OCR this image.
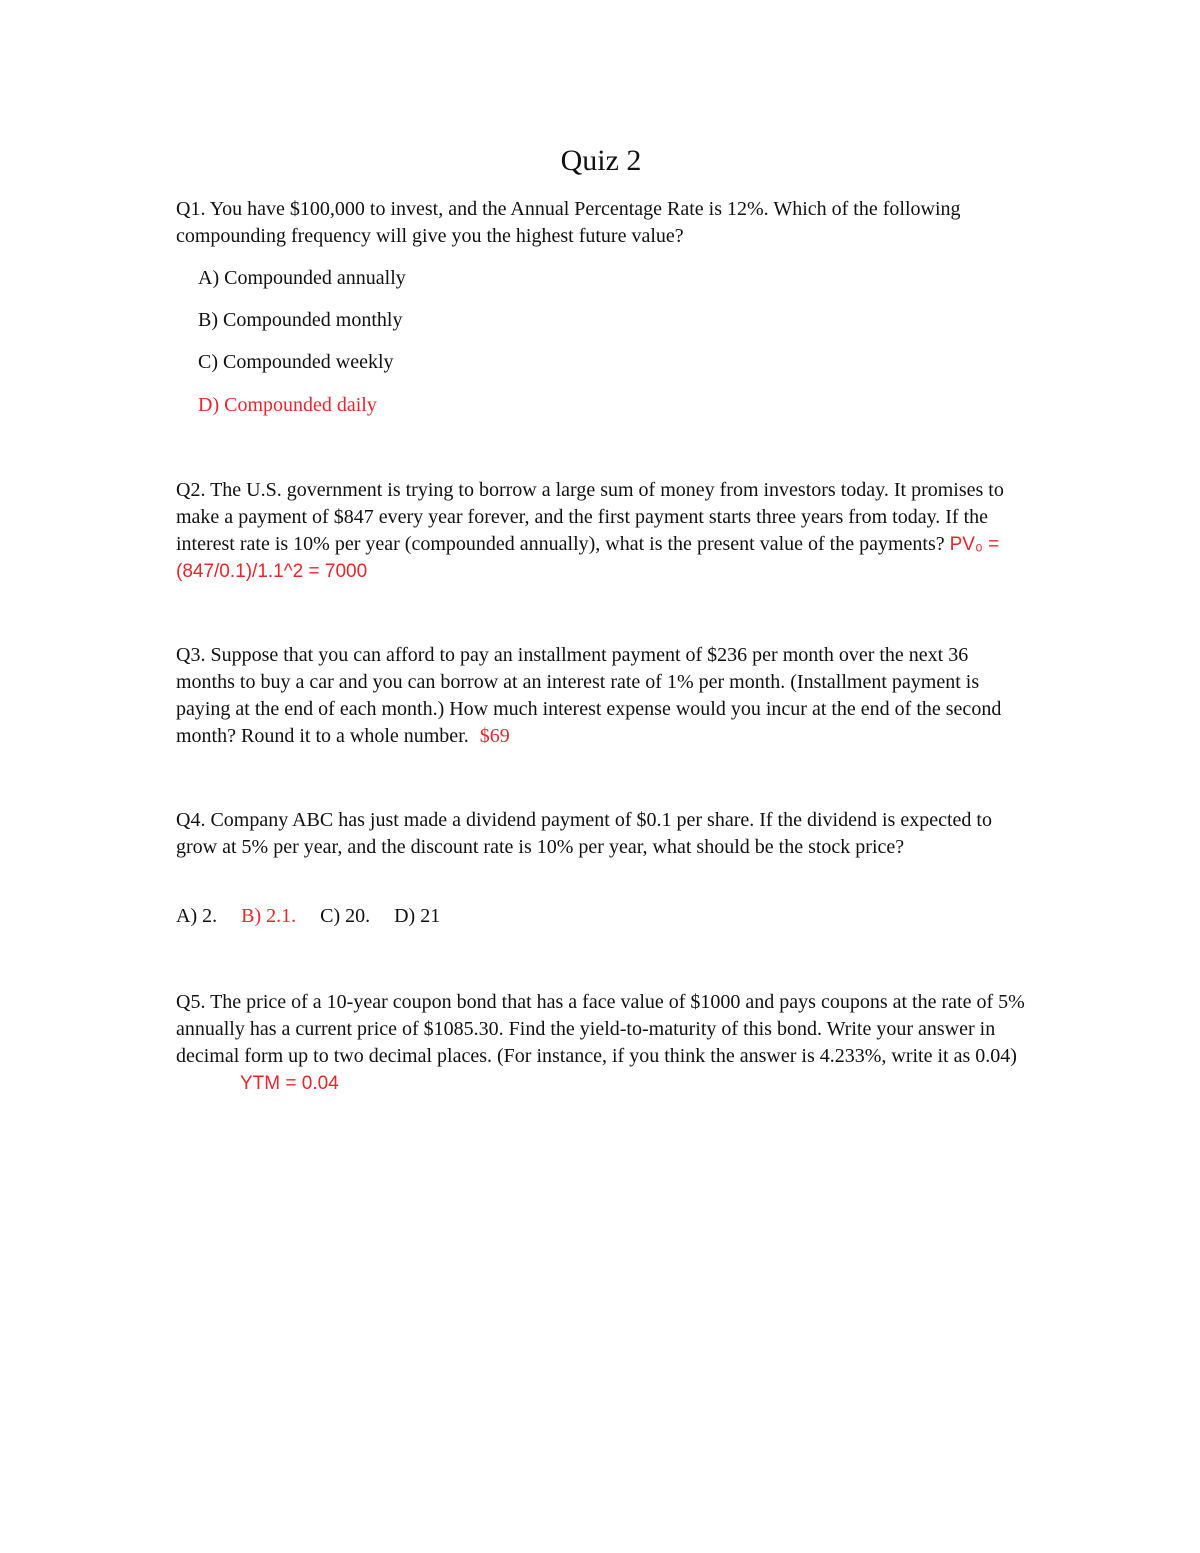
Quiz 2

Q1. You have $100,000 to invest, and the Annual Percentage Rate is 12%. Which of the following compounding frequency will give you the highest future value?

A) Compounded annually
B) Compounded monthly
C) Compounded weekly
D) Compounded daily

Q2. The U.S. government is trying to borrow a large sum of money from investors today. It promises to make a payment of $847 every year forever, and the first payment starts three years from today. If the interest rate is 10% per year (compounded annually), what is the present value of the payments? PV₀ = (847/0.1)/1.1^2 = 7000

Q3. Suppose that you can afford to pay an installment payment of $236 per month over the next 36 months to buy a car and you can borrow at an interest rate of 1% per month. (Installment payment is paying at the end of each month.) How much interest expense would you incur at the end of the second month? Round it to a whole number. $69

Q4. Company ABC has just made a dividend payment of $0.1 per share. If the dividend is expected to grow at 5% per year, and the discount rate is 10% per year, what should be the stock price?

A) 2. B) 2.1. C) 20. D) 21

Q5. The price of a 10-year coupon bond that has a face value of $1000 and pays coupons at the rate of 5% annually has a current price of $1085.30. Find the yield-to-maturity of this bond. Write your answer in decimal form up to two decimal places. (For instance, if you think the answer is 4.233%, write it as 0.04) YTM = 0.04
